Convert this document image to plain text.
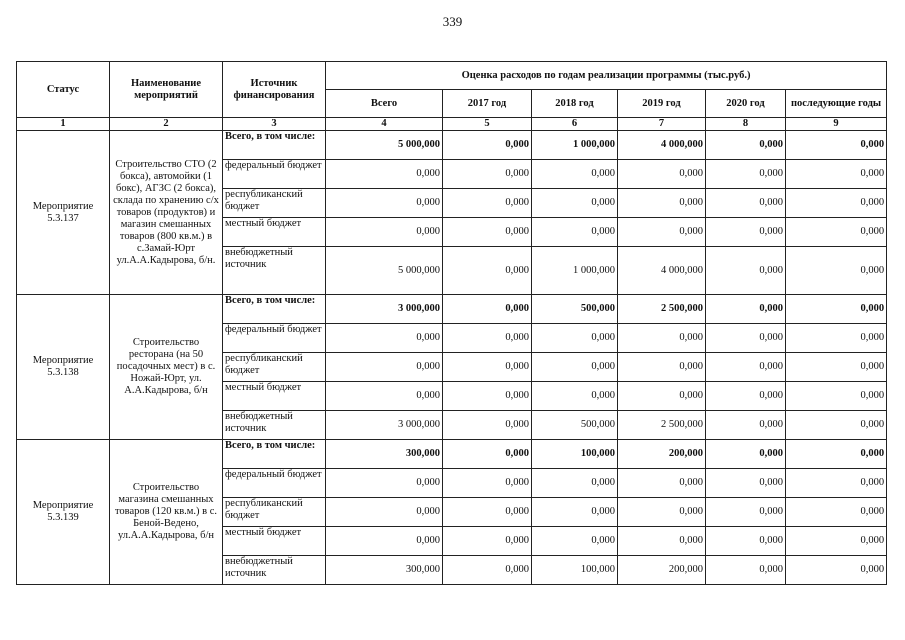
339
Статус	Наименование мероприятий	Источник финансирования	Оценка расходов по годам реализации программы (тыс.руб.)					
			Всего	2017 год	2018 год	2019 год	2020 год	последующие годы
1	2	3	4	5	6	7	8	9
Мероприятие 5.3.137	Строительство СТО (2 бокса), автомойки (1 бокс), АГЗС (2 бокса), склада по хранению с/х товаров (продуктов) и магазин смешанных товаров (800 кв.м.) в с.Замай-Юрт ул.А.А.Кадырова, б/н.	Всего, в том числе:	5 000,000	0,000	1 000,000	4 000,000	0,000	0,000
		федеральный бюджет	0,000	0,000	0,000	0,000	0,000	0,000
		республиканский бюджет	0,000	0,000	0,000	0,000	0,000	0,000
		местный бюджет	0,000	0,000	0,000	0,000	0,000	0,000
		внебюджетный источник	5 000,000	0,000	1 000,000	4 000,000	0,000	0,000
Мероприятие 5.3.138	Строительство ресторана (на 50 посадочных мест) в с. Ножай-Юрт, ул. А.А.Кадырова, б/н	Всего, в том числе:	3 000,000	0,000	500,000	2 500,000	0,000	0,000
		федеральный бюджет	0,000	0,000	0,000	0,000	0,000	0,000
		республиканский бюджет	0,000	0,000	0,000	0,000	0,000	0,000
		местный бюджет	0,000	0,000	0,000	0,000	0,000	0,000
		внебюджетный источник	3 000,000	0,000	500,000	2 500,000	0,000	0,000
Мероприятие 5.3.139	Строительство магазина смешанных товаров (120 кв.м.) в с. Беной-Ведено, ул.А.А.Кадырова, б/н	Всего, в том числе:	300,000	0,000	100,000	200,000	0,000	0,000
		федеральный бюджет	0,000	0,000	0,000	0,000	0,000	0,000
		республиканский бюджет	0,000	0,000	0,000	0,000	0,000	0,000
		местный бюджет	0,000	0,000	0,000	0,000	0,000	0,000
		внебюджетный источник	300,000	0,000	100,000	200,000	0,000	0,000
